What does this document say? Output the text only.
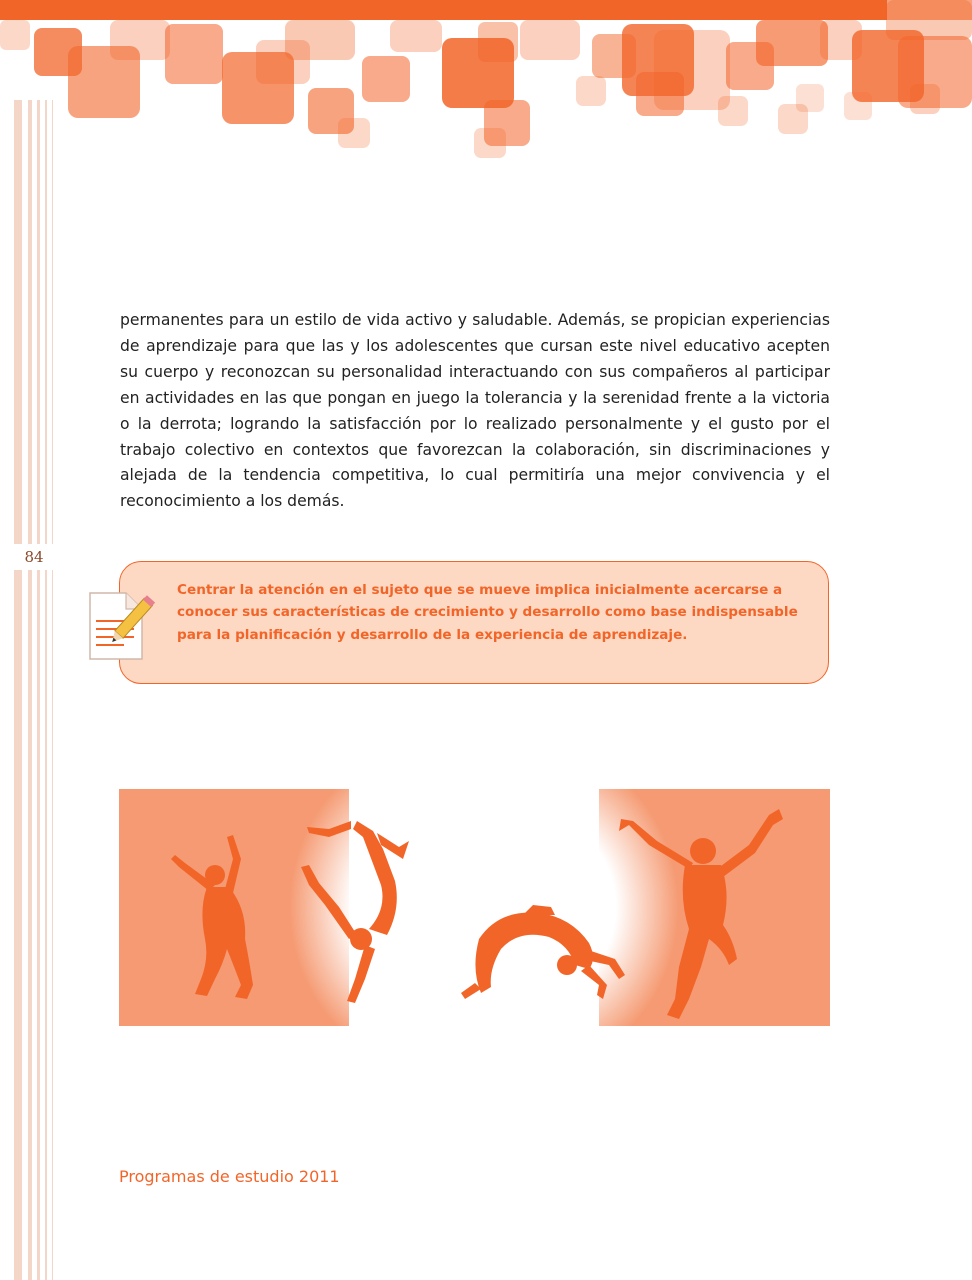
84

permanentes para un estilo de vida activo y saludable. Además, se propician experiencias de aprendizaje para que las y los adolescentes que cursan este nivel educativo acepten su cuerpo y reconozcan su personalidad interactuando con sus compañeros al participar en actividades en las que pongan en juego la tolerancia y la serenidad frente a la victoria o la derrota; logrando la satisfacción por lo realizado personalmente y el gusto por el trabajo colectivo en contextos que favorezcan la colaboración, sin discriminaciones y alejada de la tendencia competitiva, lo cual permitiría una mejor convivencia y el reconocimiento a los demás.

Centrar la atención en el sujeto que se mueve implica inicialmente acercarse a conocer sus características de crecimiento y desarrollo como base indispensable para la planificación y desarrollo de la experiencia de aprendizaje.

Programas de estudio 2011
